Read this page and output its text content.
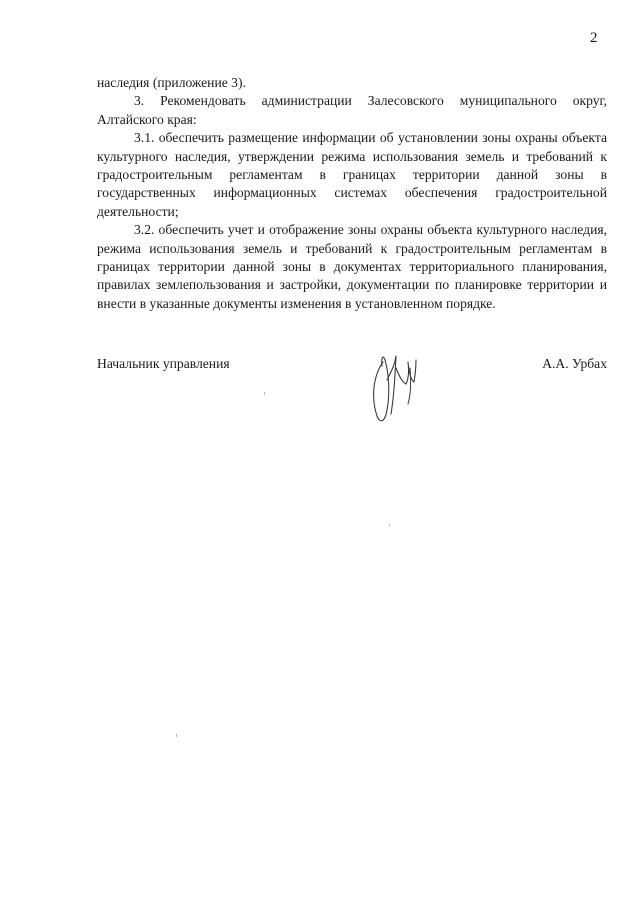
2

наследия (приложение 3).

3. Рекомендовать администрации Залесовского муниципального округ, Алтайского края:

3.1. обеспечить размещение информации об установлении зоны охраны объекта культурного наследия, утверждении режима использования земель и требований к градостроительным регламентам в границах территории данной зоны в государственных информационных системах обеспечения градостроительной деятельности;

3.2. обеспечить учет и отображение зоны охраны объекта культурного наследия, режима использования земель и требований к градостроительным регламентам в границах территории данной зоны в документах территориального планирования, правилах землепользования и застройки, документации по планировке территории и внести в указанные документы изменения в установленном порядке.

Начальник управления	А.А. Урбах
